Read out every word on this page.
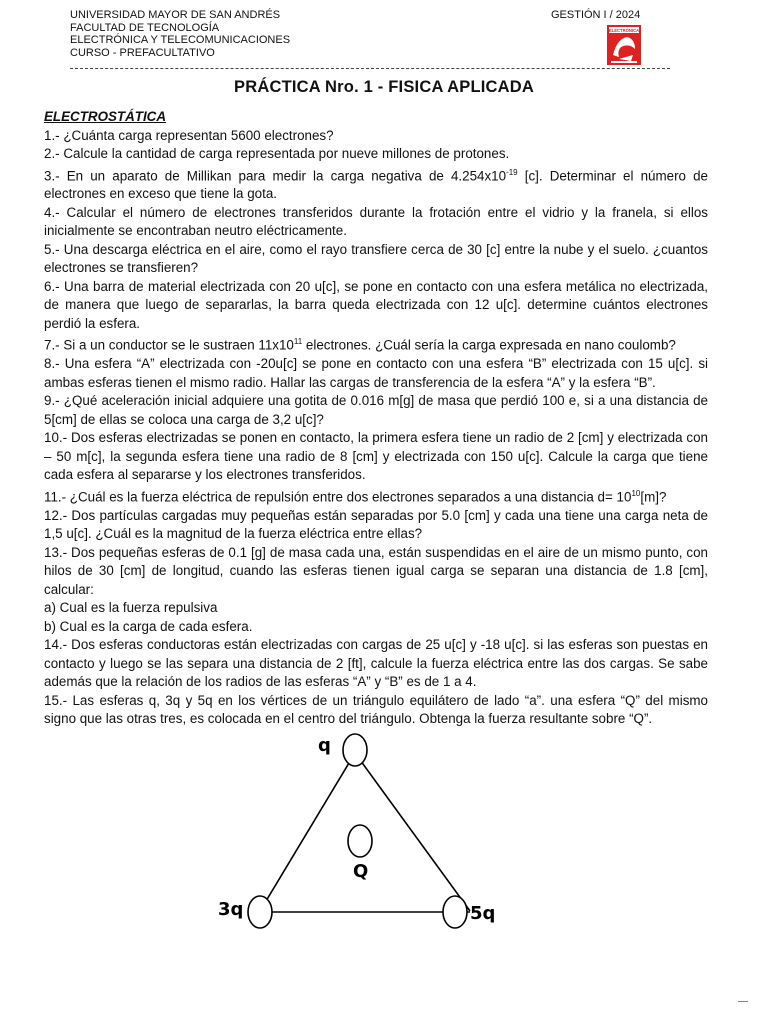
UNIVERSIDAD MAYOR DE SAN ANDRÉS
FACULTAD DE TECNOLOGÍA
ELECTRÓNICA Y TELECOMUNICACIONES
CURSO - PREFACULTATIVO
GESTIÓN I / 2024
ELECTRÓNICA
PRÁCTICA Nro. 1 - FISICA APLICADA

ELECTROSTÁTICA

1.- ¿Cuánta carga representan 5600 electrones?

2.- Calcule la cantidad de carga representada por nueve millones de protones.

3.- En un aparato de Millikan para medir la carga negativa de $4.254x10^{-19}$ [c]. Determinar el número de electrones en exceso que tiene la gota.

4.- Calcular el número de electrones transferidos durante la frotación entre el vidrio y la franela, si ellos inicialmente se encontraban neutro eléctricamente.

5.- Una descarga eléctrica en el aire, como el rayo transfiere cerca de 30 [c] entre la nube y el suelo. ¿cuantos electrones se transfieren?

6.- Una barra de material electrizada con 20 u[c], se pone en contacto con una esfera metálica no electrizada, de manera que luego de separarlas, la barra queda electrizada con 12 u[c]. determine cuántos electrones perdió la esfera.

7.- Si a un conductor se le sustraen $11x10^{11}$ electrones. ¿Cuál sería la carga expresada en nano coulomb?

8.- Una esfera “A” electrizada con -20u[c] se pone en contacto con una esfera “B” electrizada con 15 u[c]. si ambas esferas tienen el mismo radio. Hallar las cargas de transferencia de la esfera “A” y la esfera “B”.

9.- ¿Qué aceleración inicial adquiere una gotita de 0.016 m[g] de masa que perdió 100 e, si a una distancia de 5[cm] de ellas se coloca una carga de 3,2 u[c]?

10.- Dos esferas electrizadas se ponen en contacto, la primera esfera tiene un radio de 2 [cm] y electrizada con – 50 m[c], la segunda esfera tiene una radio de 8 [cm] y electrizada con 150 u[c]. Calcule la carga que tiene cada esfera al separarse y los electrones transferidos.

11.- ¿Cuál es la fuerza eléctrica de repulsión entre dos electrones separados a una distancia $d= 10^{10}[m]$?

12.- Dos partículas cargadas muy pequeñas están separadas por 5.0 [cm] y cada una tiene una carga neta de 1,5 u[c]. ¿Cuál es la magnitud de la fuerza eléctrica entre ellas?

13.- Dos pequeñas esferas de 0.1 [g] de masa cada una, están suspendidas en el aire de un mismo punto, con hilos de 30 [cm] de longitud, cuando las esferas tienen igual carga se separan una distancia de 1.8 [cm], calcular:

a) Cual es la fuerza repulsiva

b) Cual es la carga de cada esfera.

14.- Dos esferas conductoras están electrizadas con cargas de 25 u[c] y -18 u[c]. si las esferas son puestas en contacto y luego se las separa una distancia de 2 [ft], calcule la fuerza eléctrica entre las dos cargas. Se sabe además que la relación de los radios de las esferas “A” y “B” es de 1 a 4.

15.- Las esferas q, 3q y 5q en los vértices de un triángulo equilátero de lado “a”. una esfera “Q” del mismo signo que las otras tres, es colocada en el centro del triángulo. Obtenga la fuerza resultante sobre “Q”.

q
3q	5q
Q
